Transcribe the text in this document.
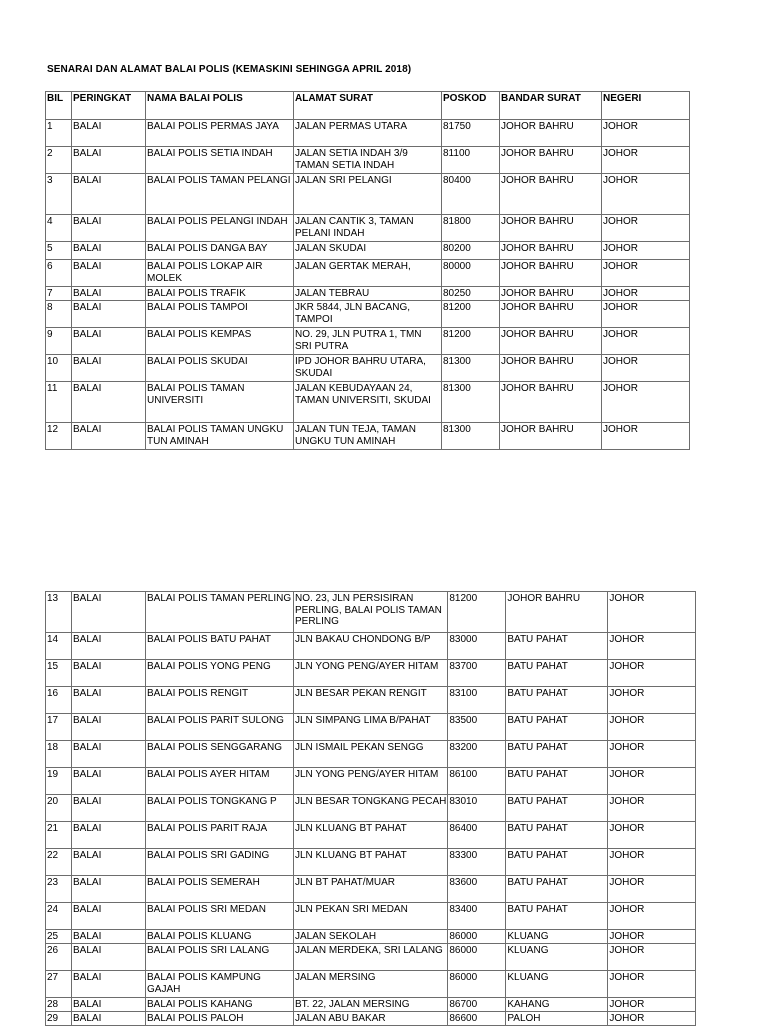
SENARAI DAN ALAMAT BALAI POLIS (KEMASKINI SEHINGGA APRIL 2018)
BIL	PERINGKAT	NAMA BALAI POLIS	ALAMAT SURAT	POSKOD	BANDAR SURAT	NEGERI
1	BALAI	BALAI POLIS PERMAS JAYA	JALAN PERMAS UTARA	81750	JOHOR BAHRU	JOHOR
2	BALAI	BALAI POLIS SETIA INDAH	JALAN SETIA INDAH 3/9 TAMAN SETIA INDAH	81100	JOHOR BAHRU	JOHOR
3	BALAI	BALAI POLIS TAMAN PELANGI	JALAN SRI PELANGI	80400	JOHOR BAHRU	JOHOR
4	BALAI	BALAI POLIS PELANGI INDAH	JALAN CANTIK 3, TAMAN PELANI INDAH	81800	JOHOR BAHRU	JOHOR
5	BALAI	BALAI POLIS DANGA BAY	JALAN SKUDAI	80200	JOHOR BAHRU	JOHOR
6	BALAI	BALAI POLIS LOKAP AIR MOLEK	JALAN GERTAK MERAH,	80000	JOHOR BAHRU	JOHOR
7	BALAI	BALAI POLIS TRAFIK	JALAN TEBRAU	80250	JOHOR BAHRU	JOHOR
8	BALAI	BALAI POLIS TAMPOI	JKR 5844, JLN BACANG, TAMPOI	81200	JOHOR BAHRU	JOHOR
9	BALAI	BALAI POLIS KEMPAS	NO. 29, JLN PUTRA 1, TMN SRI PUTRA	81200	JOHOR BAHRU	JOHOR
10	BALAI	BALAI POLIS SKUDAI	IPD JOHOR BAHRU UTARA, SKUDAI	81300	JOHOR BAHRU	JOHOR
11	BALAI	BALAI POLIS TAMAN UNIVERSITI	JALAN KEBUDAYAAN 24, TAMAN UNIVERSITI, SKUDAI	81300	JOHOR BAHRU	JOHOR
12	BALAI	BALAI POLIS TAMAN UNGKU TUN AMINAH	JALAN TUN TEJA, TAMAN UNGKU TUN AMINAH	81300	JOHOR BAHRU	JOHOR
13	BALAI	BALAI POLIS TAMAN PERLING	NO. 23, JLN PERSISIRAN PERLING, BALAI POLIS TAMAN PERLING	81200	JOHOR BAHRU	JOHOR
14	BALAI	BALAI POLIS BATU PAHAT	JLN BAKAU CHONDONG B/P	83000	BATU PAHAT	JOHOR
15	BALAI	BALAI POLIS YONG PENG	JLN YONG PENG/AYER HITAM	83700	BATU PAHAT	JOHOR
16	BALAI	BALAI POLIS RENGIT	JLN BESAR PEKAN RENGIT	83100	BATU PAHAT	JOHOR
17	BALAI	BALAI POLIS PARIT SULONG	JLN SIMPANG LIMA B/PAHAT	83500	BATU PAHAT	JOHOR
18	BALAI	BALAI POLIS SENGGARANG	JLN ISMAIL PEKAN SENGG	83200	BATU PAHAT	JOHOR
19	BALAI	BALAI POLIS AYER HITAM	JLN YONG PENG/AYER HITAM	86100	BATU PAHAT	JOHOR
20	BALAI	BALAI POLIS TONGKANG P	JLN BESAR TONGKANG PECAH	83010	BATU PAHAT	JOHOR
21	BALAI	BALAI POLIS PARIT RAJA	JLN KLUANG BT PAHAT	86400	BATU PAHAT	JOHOR
22	BALAI	BALAI POLIS SRI GADING	JLN KLUANG BT PAHAT	83300	BATU PAHAT	JOHOR
23	BALAI	BALAI POLIS SEMERAH	JLN BT PAHAT/MUAR	83600	BATU PAHAT	JOHOR
24	BALAI	BALAI POLIS SRI MEDAN	JLN PEKAN SRI MEDAN	83400	BATU PAHAT	JOHOR
25	BALAI	BALAI POLIS KLUANG	JALAN SEKOLAH	86000	KLUANG	JOHOR
26	BALAI	BALAI POLIS SRI LALANG	JALAN MERDEKA, SRI LALANG	86000	KLUANG	JOHOR
27	BALAI	BALAI POLIS KAMPUNG GAJAH	JALAN MERSING	86000	KLUANG	JOHOR
28	BALAI	BALAI POLIS KAHANG	BT. 22, JALAN MERSING	86700	KAHANG	JOHOR
29	BALAI	BALAI POLIS PALOH	JALAN ABU BAKAR	86600	PALOH	JOHOR
